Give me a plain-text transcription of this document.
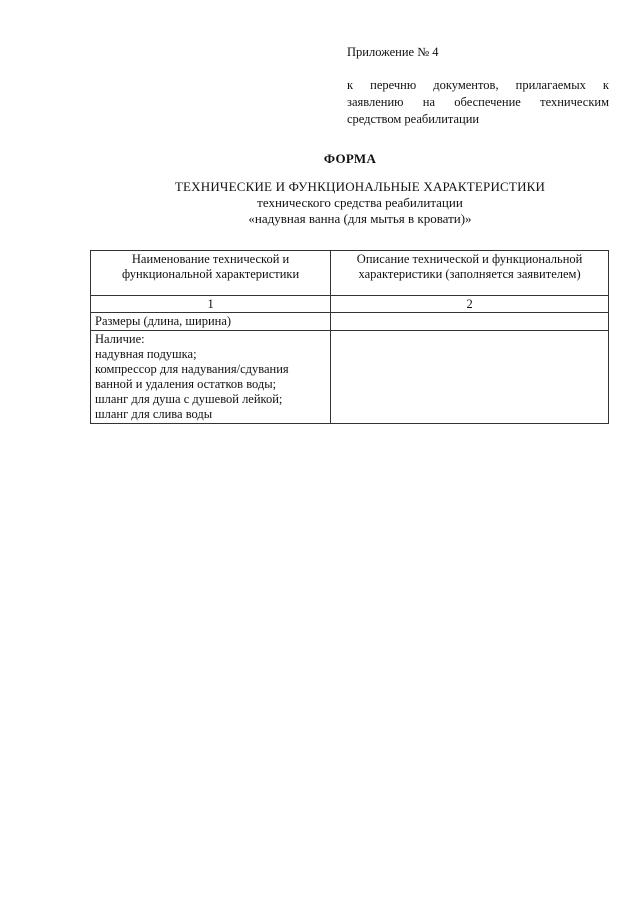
Приложение № 4

к перечню документов, прилагаемых к заявлению на обеспечение техническим средством реабилитации

ФОРМА
ТЕХНИЧЕСКИЕ И ФУНКЦИОНАЛЬНЫЕ ХАРАКТЕРИСТИКИ
технического средства реабилитации
«надувная ванна (для мытья в кровати)»
Наименование технической и функциональной характеристики	Описание технической и функциональной характеристики (заполняется заявителем)
1	2
Размеры (длина, ширина)	

Наличие:
надувная подушка;
компрессор для надувания/сдувания ванной и удаления остатков воды;
шланг для душа с душевой лейкой;
шланг для слива воды	
